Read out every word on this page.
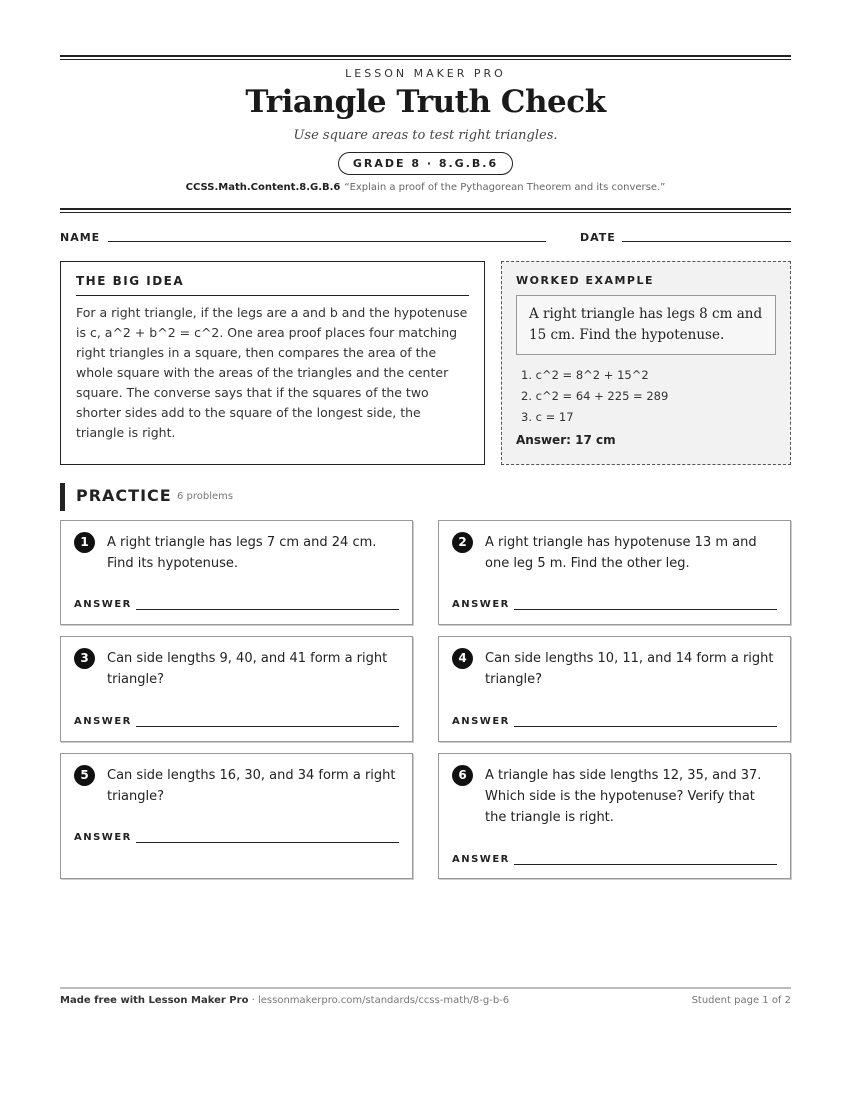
LESSON MAKER PRO
Triangle Truth Check
Use square areas to test right triangles.
GRADE 8 · 8.G.B.6
CCSS.Math.Content.8.G.B.6 “Explain a proof of the Pythagorean Theorem and its converse.”
NAME	DATE
THE BIG IDEA
For a right triangle, if the legs are a and b and the hypotenuse is c, a^2 + b^2 = c^2. One area proof places four matching right triangles in a square, then compares the area of the whole square with the areas of the triangles and the center square. The converse says that if the squares of the two shorter sides add to the square of the longest side, the triangle is right.
WORKED EXAMPLE
A right triangle has legs 8 cm and 15 cm. Find the hypotenuse.
1. c^2 = 8^2 + 15^2
2. c^2 = 64 + 225 = 289
3. c = 17
Answer: 17 cm
PRACTICE 6 problems
1	A right triangle has legs 7 cm and 24 cm. Find its hypotenuse.
ANSWER
2	A right triangle has hypotenuse 13 m and one leg 5 m. Find the other leg.
ANSWER
3	Can side lengths 9, 40, and 41 form a right triangle?
ANSWER
4	Can side lengths 10, 11, and 14 form a right triangle?
ANSWER
5	Can side lengths 16, 30, and 34 form a right triangle?
ANSWER
6	A triangle has side lengths 12, 35, and 37. Which side is the hypotenuse? Verify that the triangle is right.
ANSWER
Made free with Lesson Maker Pro · lessonmakerpro.com/standards/ccss-math/8-g-b-6	Student page 1 of 2
